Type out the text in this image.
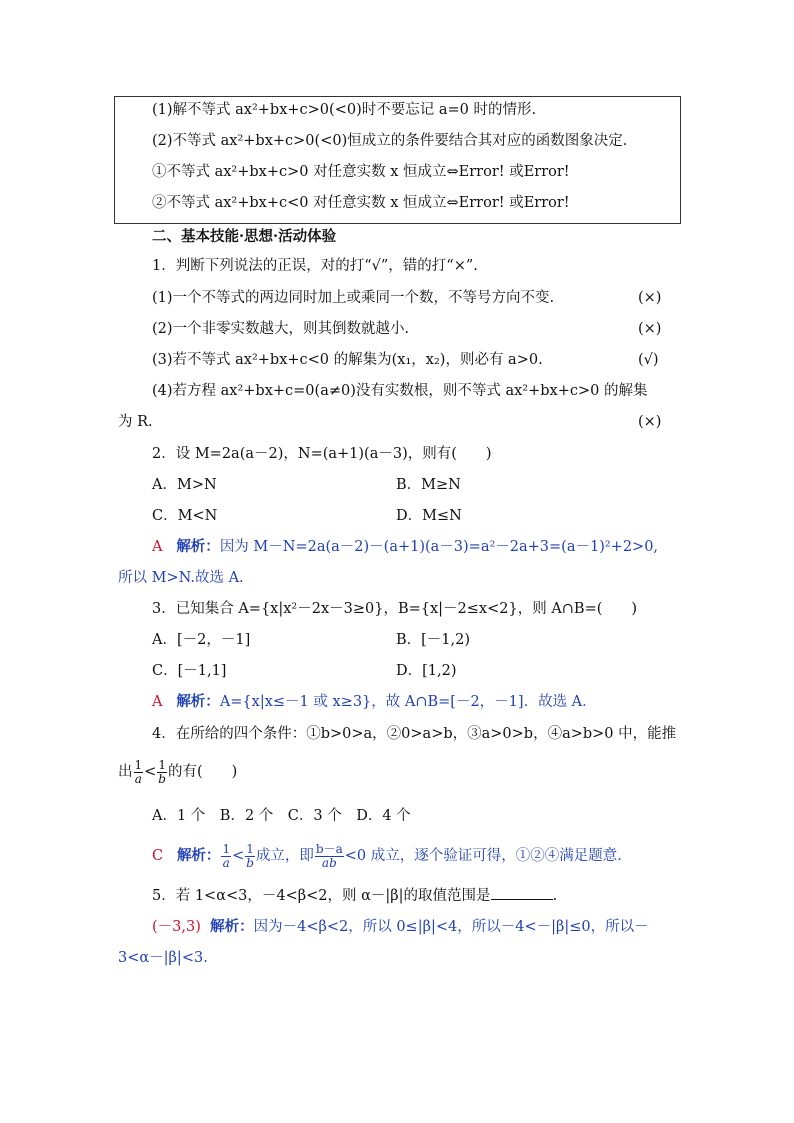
(1)解不等式 ax²+bx+c>0(<0)时不要忘记 a=0 时的情形.
(2)不等式 ax²+bx+c>0(<0)恒成立的条件要结合其对应的函数图象决定.
①不等式 ax²+bx+c>0 对任意实数 x 恒成立⇔Error! 或Error!
②不等式 ax²+bx+c<0 对任意实数 x 恒成立⇔Error! 或Error!
二、基本技能·思想·活动体验
1．判断下列说法的正误，对的打“√”，错的打“×”.
(1)一个不等式的两边同时加上或乘同一个数，不等号方向不变.	(×)
(2)一个非零实数越大，则其倒数就越小.	(×)
(3)若不等式 ax²+bx+c<0 的解集为(x₁，x₂)，则必有 a>0.	(√)
(4)若方程 ax²+bx+c=0(a≠0)没有实数根，则不等式 ax²+bx+c>0 的解集
为 R.	(×)
2．设 M=2a(a－2)，N=(a+1)(a－3)，则有(　　)
A．M>N	B．M≥N
C．M<N	D．M≤N
A 解析：因为 M－N=2a(a－2)－(a+1)(a－3)=a²－2a+3=(a－1)²+2>0,
所以 M>N.故选 A.
3．已知集合 A={x|x²－2x－3≥0}，B={x|－2≤x<2}，则 A∩B=(　　)
A．[－2，－1]	B．[－1,2)
C．[－1,1]	D．[1,2)
A 解析：A={x|x≤－1 或 x≥3}，故 A∩B=[－2，－1]．故选 A．
4．在所给的四个条件：①b>0>a，②0>a>b，③a>0>b，④a>b>0 中，能推
出 $\frac{1}{a} < \frac{1}{b}$ 的有(　　)
A．1 个　B．2 个　C．3 个　D．4 个
C 解析： $\frac{1}{a} < \frac{1}{b}$ 成立，即 $\frac{b-a}{ab} <0$ 成立，逐个验证可得，①②④满足题意.
5．若 1<α<3，－4<β<2，则 α－|β|的取值范围是	.
(－3,3) 解析：因为－4<β<2，所以 0≤|β|<4，所以－4<－|β|≤0，所以－
3<α－|β|<3.
